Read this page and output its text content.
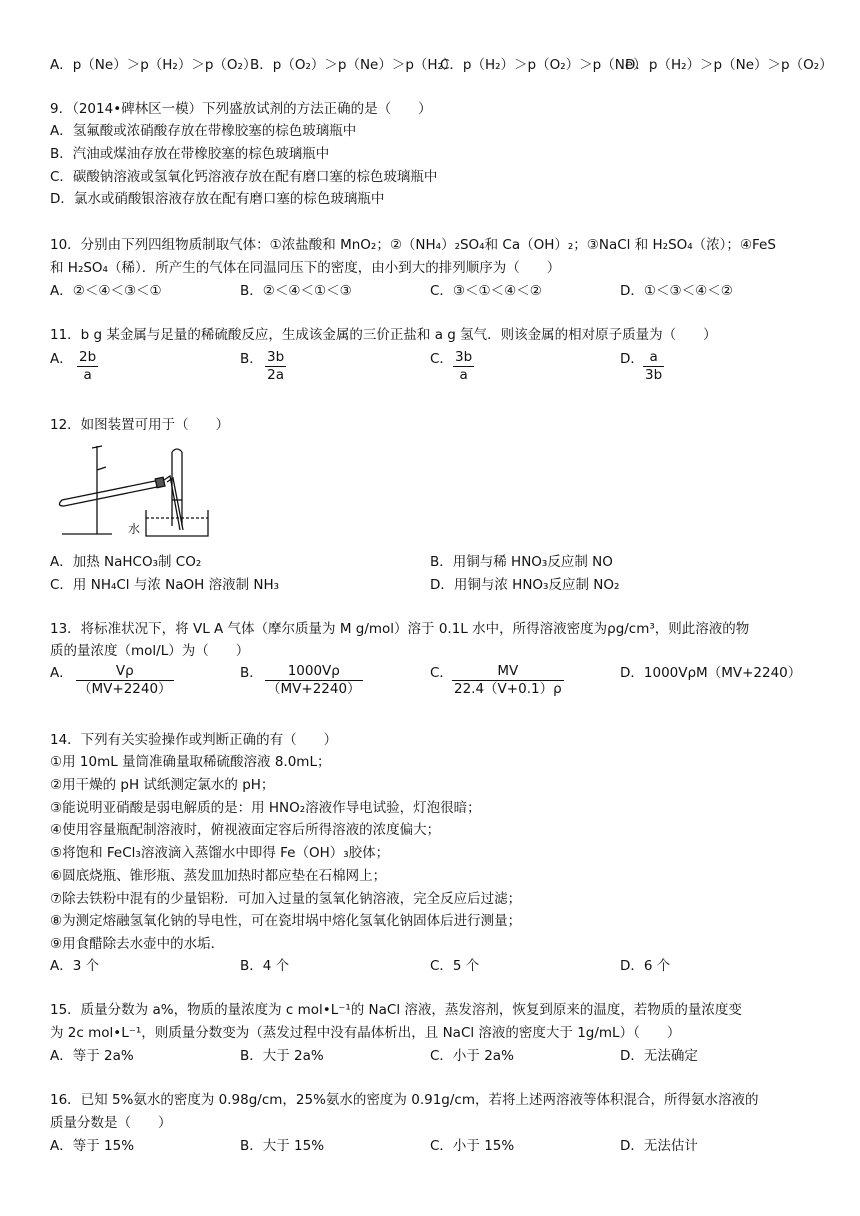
A．p（Ne）＞p（H₂）＞p（O₂）
B．p（O₂）＞p（Ne）＞p（H₂）
C．p（H₂）＞p（O₂）＞p（Ne）
D．p（H₂）＞p（Ne）＞p（O₂）
9．（2014•碑林区一模）下列盛放试剂的方法正确的是（　　）
A．氢氟酸或浓硝酸存放在带橡胶塞的棕色玻璃瓶中
B．汽油或煤油存放在带橡胶塞的棕色玻璃瓶中
C．碳酸钠溶液或氢氧化钙溶液存放在配有磨口塞的棕色玻璃瓶中
D．氯水或硝酸银溶液存放在配有磨口塞的棕色玻璃瓶中
10．分别由下列四组物质制取气体：①浓盐酸和 MnO₂；②（NH₄）₂SO₄和 Ca（OH）₂；③NaCl 和 H₂SO₄（浓）；④FeS
和 H₂SO₄（稀）．所产生的气体在同温同压下的密度，由小到大的排列顺序为（　　）
A．②＜④＜③＜①	B．②＜④＜①＜③	C．③＜①＜④＜②	D．①＜③＜④＜②
11．b g 某金属与足量的稀硫酸反应，生成该金属的三价正盐和 a g 氢气．则该金属的相对原子质量为（　　）
A． $\frac{2b}{a}$	B． $\frac{3b}{2a}$	C． $\frac{3b}{a}$	D． $\frac{a}{3b}$
12．如图装置可用于（　　）
水
A．加热 NaHCO₃制 CO₂	B．用铜与稀 HNO₃反应制 NO
C．用 NH₄Cl 与浓 NaOH 溶液制 NH₃	D．用铜与浓 HNO₃反应制 NO₂
13．将标准状况下，将 VL A 气体（摩尔质量为 M g/mol）溶于 0.1L 水中，所得溶液密度为ρg/cm³，则此溶液的物
质的量浓度（mol/L）为（　　）
A． $\frac{V\rho}{(MV+2240)}$	B． $\frac{1000V\rho}{(MV+2240)}$	C． $\frac{MV}{22.4(V+0.1)\rho}$	D．1000VρM（MV+2240）
14．下列有关实验操作或判断正确的有（　　）
①用 10mL 量筒准确量取稀硫酸溶液 8.0mL；
②用干燥的 pH 试纸测定氯水的 pH；
③能说明亚硝酸是弱电解质的是：用 HNO₂溶液作导电试验，灯泡很暗；
④使用容量瓶配制溶液时，俯视液面定容后所得溶液的浓度偏大；
⑤将饱和 FeCl₃溶液滴入蒸馏水中即得 Fe（OH）₃胶体；
⑥圆底烧瓶、锥形瓶、蒸发皿加热时都应垫在石棉网上；
⑦除去铁粉中混有的少量铝粉．可加入过量的氢氧化钠溶液，完全反应后过滤；
⑧为测定熔融氢氧化钠的导电性，可在瓷坩埚中熔化氢氧化钠固体后进行测量；
⑨用食醋除去水壶中的水垢．
A．3 个	B．4 个	C．5 个	D．6 个
15．质量分数为 a%，物质的量浓度为 c mol•L⁻¹的 NaCl 溶液，蒸发溶剂，恢复到原来的温度，若物质的量浓度变
为 2c mol•L⁻¹，则质量分数变为（蒸发过程中没有晶体析出，且 NaCl 溶液的密度大于 1g/mL）（　　）
A．等于 2a%	B．大于 2a%	C．小于 2a%	D．无法确定
16．已知 5%氨水的密度为 0.98g/cm，25%氨水的密度为 0.91g/cm，若将上述两溶液等体积混合，所得氨水溶液的
质量分数是（　　）
A．等于 15%	B．大于 15%	C．小于 15%	D．无法估计
